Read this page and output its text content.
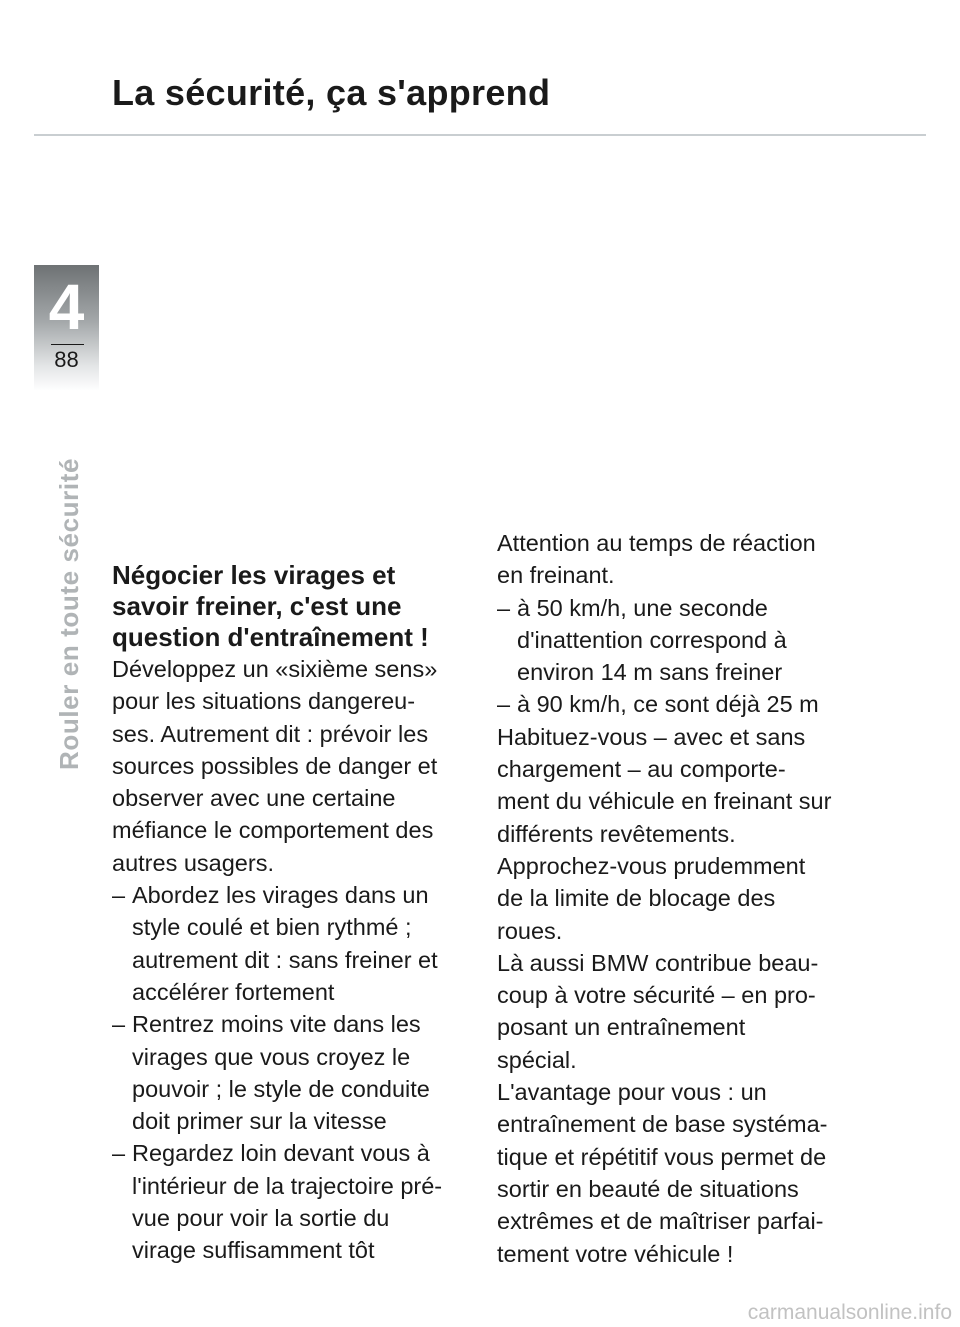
La sécurité, ça s'apprend
4
88
Rouler en toute sécurité Négocier les virages et
savoir freiner, c'est une
question d'entraînement !

Développez un «sixième sens»
pour les situations dangereu-
ses. Autrement dit : prévoir les
sources possibles de danger et
observer avec une certaine
méfiance le comportement des
autres usagers.

– Abordez les virages dans un
style coulé et bien rythmé ;
autrement dit : sans freiner et
accélérer fortement
– Rentrez moins vite dans les
virages que vous croyez le
pouvoir ; le style de conduite
doit primer sur la vitesse
– Regardez loin devant vous à
l'intérieur de la trajectoire pré-
vue pour voir la sortie du
virage suffisamment tôt

Attention au temps de réaction
en freinant.

– à 50 km/h, une seconde
d'inattention correspond à
environ 14 m sans freiner
– à 90 km/h, ce sont déjà 25 m

Habituez-vous – avec et sans
chargement – au comporte-
ment du véhicule en freinant sur
différents revêtements.

Approchez-vous prudemment
de la limite de blocage des
roues.

Là aussi BMW contribue beau-
coup à votre sécurité – en pro-
posant un entraînement
spécial.

L'avantage pour vous : un
entraînement de base systéma-
tique et répétitif vous permet de
sortir en beauté de situations
extrêmes et de maîtriser parfai-
tement votre véhicule !

carmanualsonline.info
